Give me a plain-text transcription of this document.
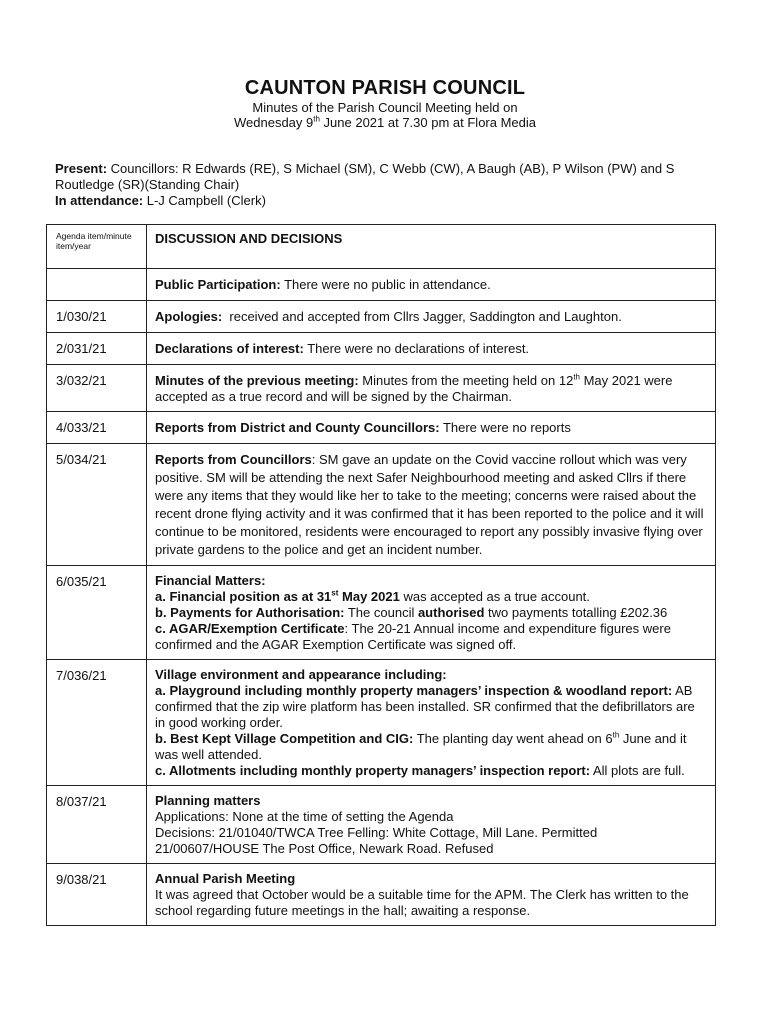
CAUNTON PARISH COUNCIL
Minutes of the Parish Council Meeting held on
Wednesday 9th June 2021 at 7.30 pm at Flora Media
Present: Councillors: R Edwards (RE), S Michael (SM), C Webb (CW), A Baugh (AB), P Wilson (PW) and S Routledge (SR)(Standing Chair)
In attendance: L-J Campbell (Clerk)
Agenda item/minute item/year	DISCUSSION AND DECISIONS
	Public Participation: There were no public in attendance.
1/030/21	Apologies:  received and accepted from Cllrs Jagger, Saddington and Laughton.
2/031/21	Declarations of interest: There were no declarations of interest.
3/032/21	Minutes of the previous meeting: Minutes from the meeting held on 12th May 2021 were accepted as a true record and will be signed by the Chairman.
4/033/21	Reports from District and County Councillors: There were no reports
5/034/21	Reports from Councillors: SM gave an update on the Covid vaccine rollout which was very positive. SM will be attending the next Safer Neighbourhood meeting and asked Cllrs if there were any items that they would like her to take to the meeting; concerns were raised about the recent drone flying activity and it was confirmed that it has been reported to the police and it will continue to be monitored, residents were encouraged to report any possibly invasive flying over private gardens to the police and get an incident number.
6/035/21	Financial Matters:
a. Financial position as at 31st May 2021 was accepted as a true account.
b. Payments for Authorisation: The council authorised two payments totalling £202.36
c. AGAR/Exemption Certificate: The 20-21 Annual income and expenditure figures were confirmed and the AGAR Exemption Certificate was signed off.

7/036/21	Village environment and appearance including:
a. Playground including monthly property managers’ inspection & woodland report: AB confirmed that the zip wire platform has been installed. SR confirmed that the defibrillators are in good working order.
b. Best Kept Village Competition and CIG: The planting day went ahead on 6th June and it was well attended.
c. Allotments including monthly property managers’ inspection report: All plots are full.

8/037/21	Planning matters
Applications: None at the time of setting the Agenda
Decisions: 21/01040/TWCA Tree Felling: White Cottage, Mill Lane. Permitted
21/00607/HOUSE The Post Office, Newark Road. Refused

9/038/21	Annual Parish Meeting
It was agreed that October would be a suitable time for the APM. The Clerk has written to the school regarding future meetings in the hall; awaiting a response.
